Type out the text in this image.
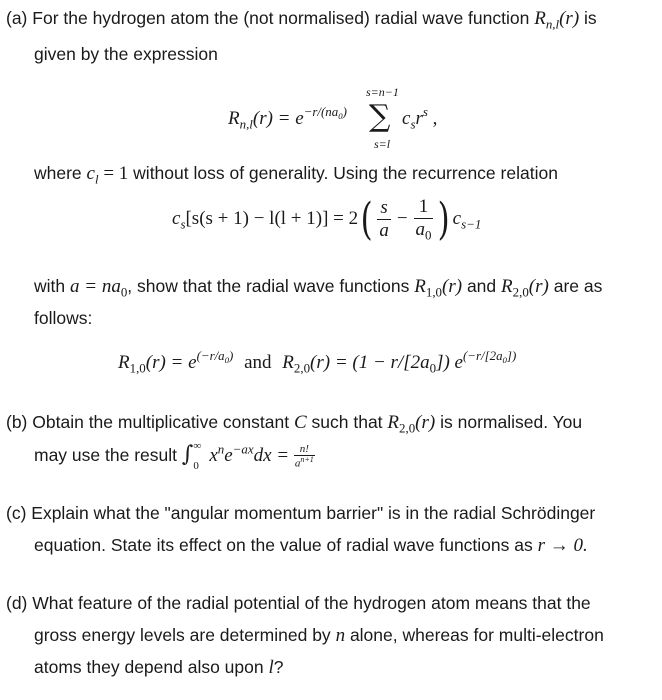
(a) For the hydrogen atom the (not normalised) radial wave function $R_{n,l}(r)$ is
given by the expression
$R_{n,l}(r) = e^{-r/(na_0)}$
s=n−1
∑
s=l
$c_sr^s$ ,
where $c_l = 1$ without loss of generality. Using the recurrence relation
$c_s[s(s + 1) - l(l + 1)] = 2( \frac{s}{a} - \frac{1}{a_0}$ ) $c_{s-1}$
with $a = na_0$, show that the radial wave functions $R_{1,0}(r)$ and $R_{2,0}(r)$ are as
follows:
$R_{1,0}(r) = e^{(-r/a_0)}$ and $R_{2,0}(r) = (1 - r/[2a_0])$ $e^{(-r/[2a_0])}$
(b) Obtain the multiplicative constant C such that $R_{2,0}(r)$ is normalised. You
may use the result ∫ ∞
0
$x^ne^{-ax}dx = \frac{n!}{a^{n+1}}$
(c) Explain what the "angular momentum barrier" is in the radial Schrödinger
equation. State its effect on the value of radial wave functions as r → 0.
(d) What feature of the radial potential of the hydrogen atom means that the
gross energy levels are determined by n alone, whereas for multi-electron
atoms they depend also upon l?
